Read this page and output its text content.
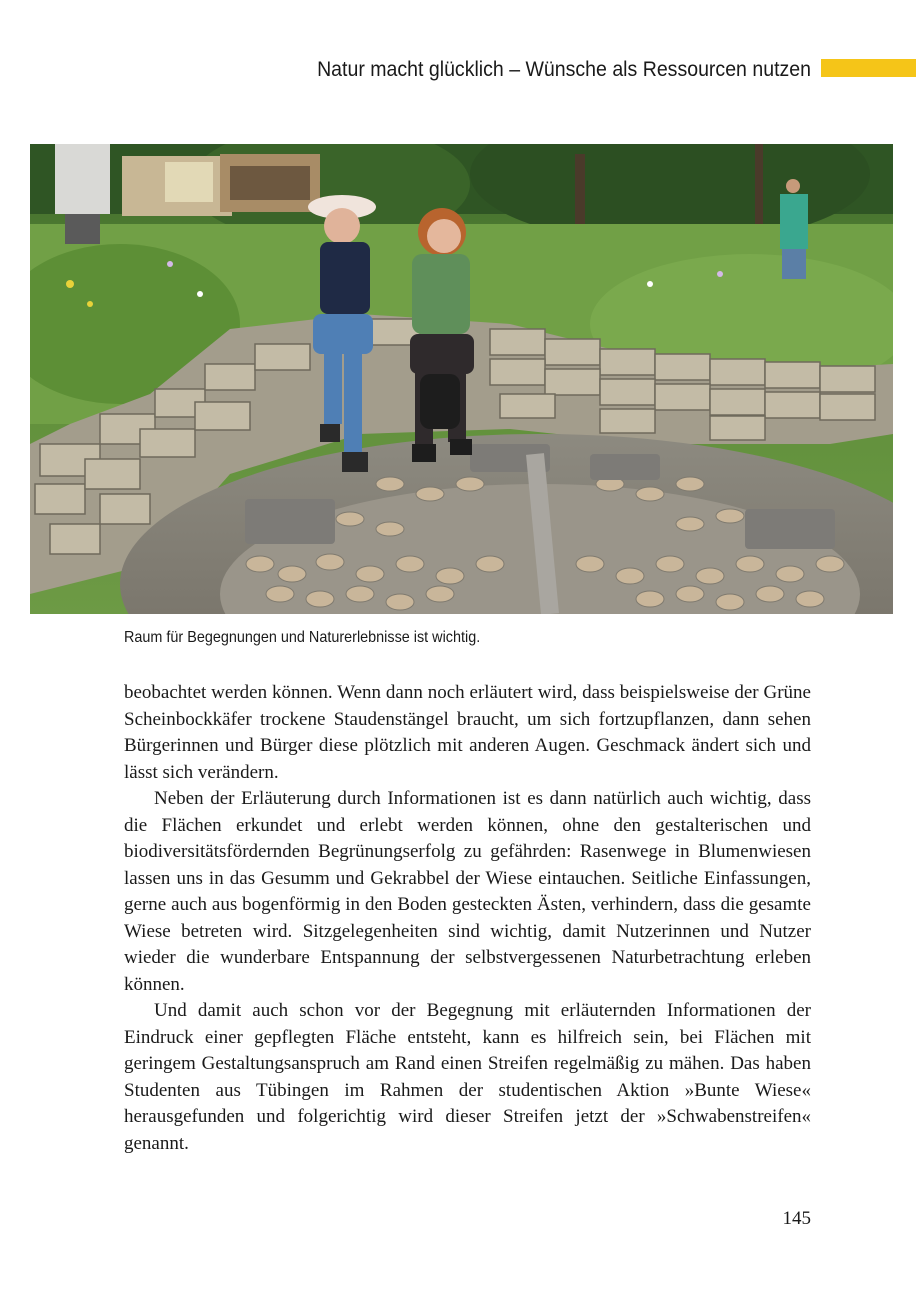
Natur macht glücklich – Wünsche als Ressourcen nutzen
Raum für Begegnungen und Naturerlebnisse ist wichtig.

beobachtet werden können. Wenn dann noch erläutert wird, dass beispielsweise der Grüne Scheinbockkäfer trockene Staudenstängel braucht, um sich fortzupflanzen, dann sehen Bürgerinnen und Bürger diese plötzlich mit anderen Augen. Geschmack ändert sich und lässt sich verändern.

Neben der Erläuterung durch Informationen ist es dann natürlich auch wichtig, dass die Flächen erkundet und erlebt werden können, ohne den gestalterischen und biodiversitätsfördernden Begrünungserfolg zu gefährden: Rasenwege in Blumenwiesen lassen uns in das Gesumm und Gekrabbel der Wiese eintauchen. Seitliche Einfassungen, gerne auch aus bogenförmig in den Boden gesteckten Ästen, verhindern, dass die gesamte Wiese betreten wird. Sitzgelegenheiten sind wichtig, damit Nutzerinnen und Nutzer wieder die wunderbare Entspannung der selbstvergessenen Naturbetrachtung erleben können.

Und damit auch schon vor der Begegnung mit erläuternden Informationen der Eindruck einer gepflegten Fläche entsteht, kann es hilfreich sein, bei Flächen mit geringem Gestaltungsanspruch am Rand einen Streifen regelmäßig zu mähen. Das haben Studenten aus Tübingen im Rahmen der studentischen Aktion »Bunte Wiese« herausgefunden und folgerichtig wird dieser Streifen jetzt der »Schwabenstreifen« genannt.

145
